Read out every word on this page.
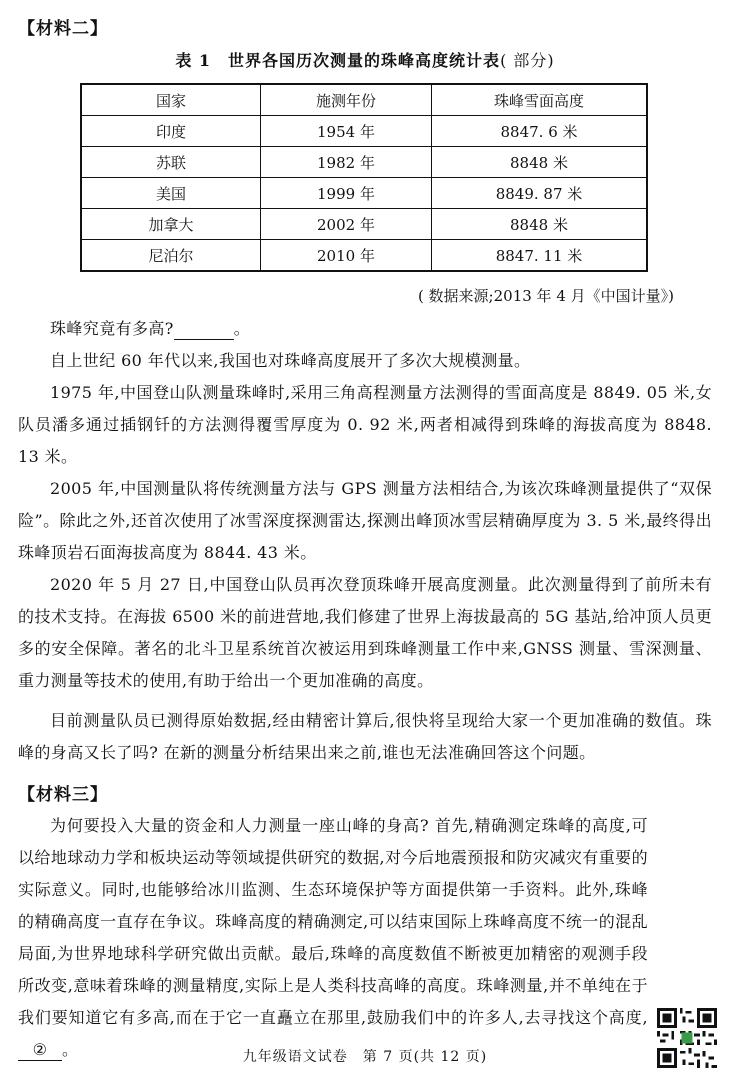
【材料二】
表 1　世界各国历次测量的珠峰高度统计表( 部分)
国家	施测年份	珠峰雪面高度
印度	1954 年	8847. 6 米
苏联	1982 年	8848 米
美国	1999 年	8849. 87 米
加拿大	2002 年	8848 米
尼泊尔	2010 年	8847. 11 米
( 数据来源;2013 年 4 月《中国计量》)

珠峰究竟有多高?	。

自上世纪 60 年代以来,我国也对珠峰高度展开了多次大规模测量。

1975 年,中国登山队测量珠峰时,采用三角高程测量方法测得的雪面高度是 8849. 05 米,女队员潘多通过插钢钎的方法测得覆雪厚度为 0. 92 米,两者相减得到珠峰的海拔高度为 8848. 13 米。

2005 年,中国测量队将传统测量方法与 GPS 测量方法相结合,为该次珠峰测量提供了“双保险”。除此之外,还首次使用了冰雪深度探测雷达,探测出峰顶冰雪层精确厚度为 3. 5 米,最终得出珠峰顶岩石面海拔高度为 8844. 43 米。

2020 年 5 月 27 日,中国登山队员再次登顶珠峰开展高度测量。此次测量得到了前所未有的技术支持。在海拔 6500 米的前进营地,我们修建了世界上海拔最高的 5G 基站,给冲顶人员更多的安全保障。著名的北斗卫星系统首次被运用到珠峰测量工作中来,GNSS 测量、雪深测量、重力测量等技术的使用,有助于给出一个更加准确的高度。

目前测量队员已测得原始数据,经由精密计算后,很快将呈现给大家一个更加准确的数值。珠峰的身高又长了吗? 在新的测量分析结果出来之前,谁也无法准确回答这个问题。

【材料三】

为何要投入大量的资金和人力测量一座山峰的身高? 首先,精确测定珠峰的高度,可以给地球动力学和板块运动等领域提供研究的数据,对今后地震预报和防灾减灾有重要的实际意义。同时,也能够给冰川监测、生态环境保护等方面提供第一手资料。此外,珠峰的精确高度一直存在争议。珠峰高度的精确测定,可以结束国际上珠峰高度不统一的混乱局面,为世界地球科学研究做出贡献。最后,珠峰的高度数值不断被更加精密的观测手段所改变,意味着珠峰的测量精度,实际上是人类科技高峰的高度。珠峰测量,并不单纯在于我们要知道它有多高,而在于它一直矗立在那里,鼓励我们中的许多人,去寻找这个高度,② 。	九年级语文试卷　第 7 页(共 12 页)
